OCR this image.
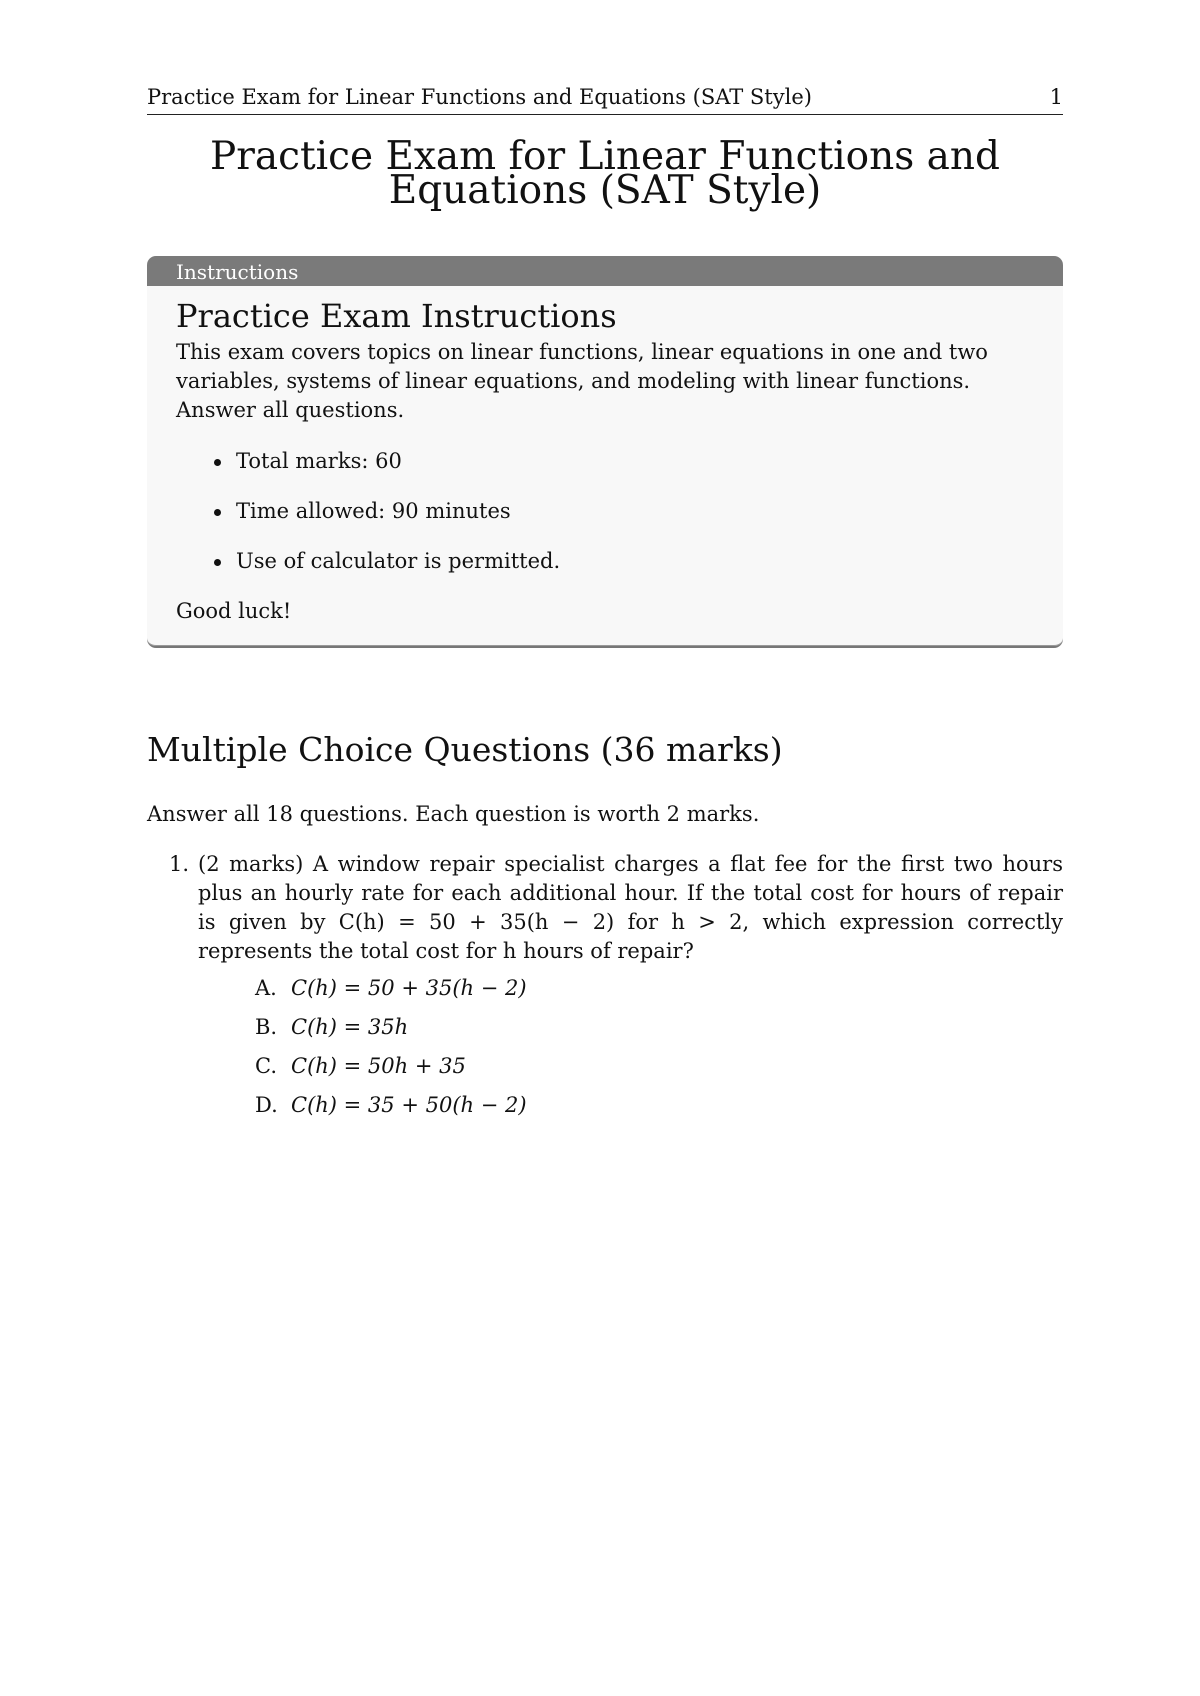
Practice Exam for Linear Functions and Equations (SAT Style)	1
Practice Exam for Linear Functions and Equations (SAT Style)
Instructions
Practice Exam Instructions

This exam covers topics on linear functions, linear equations in one and two variables, systems of linear equations, and modeling with linear functions. Answer all questions.

Total marks: 60
Time allowed: 90 minutes
Use of calculator is permitted.

Good luck!

Multiple Choice Questions (36 marks)

Answer all 18 questions. Each question is worth 2 marks.

1. (2 marks) A window repair specialist charges a flat fee for the first two hours plus an hourly rate for each additional hour. If the total cost for hours of repair is given by C(h) = 50 + 35(h − 2) for h > 2, which expression correctly represents the total cost for h hours of repair?
A. C(h) = 50 + 35(h − 2)
B. C(h) = 35h
C. C(h) = 50h + 35
D. C(h) = 35 + 50(h − 2)
